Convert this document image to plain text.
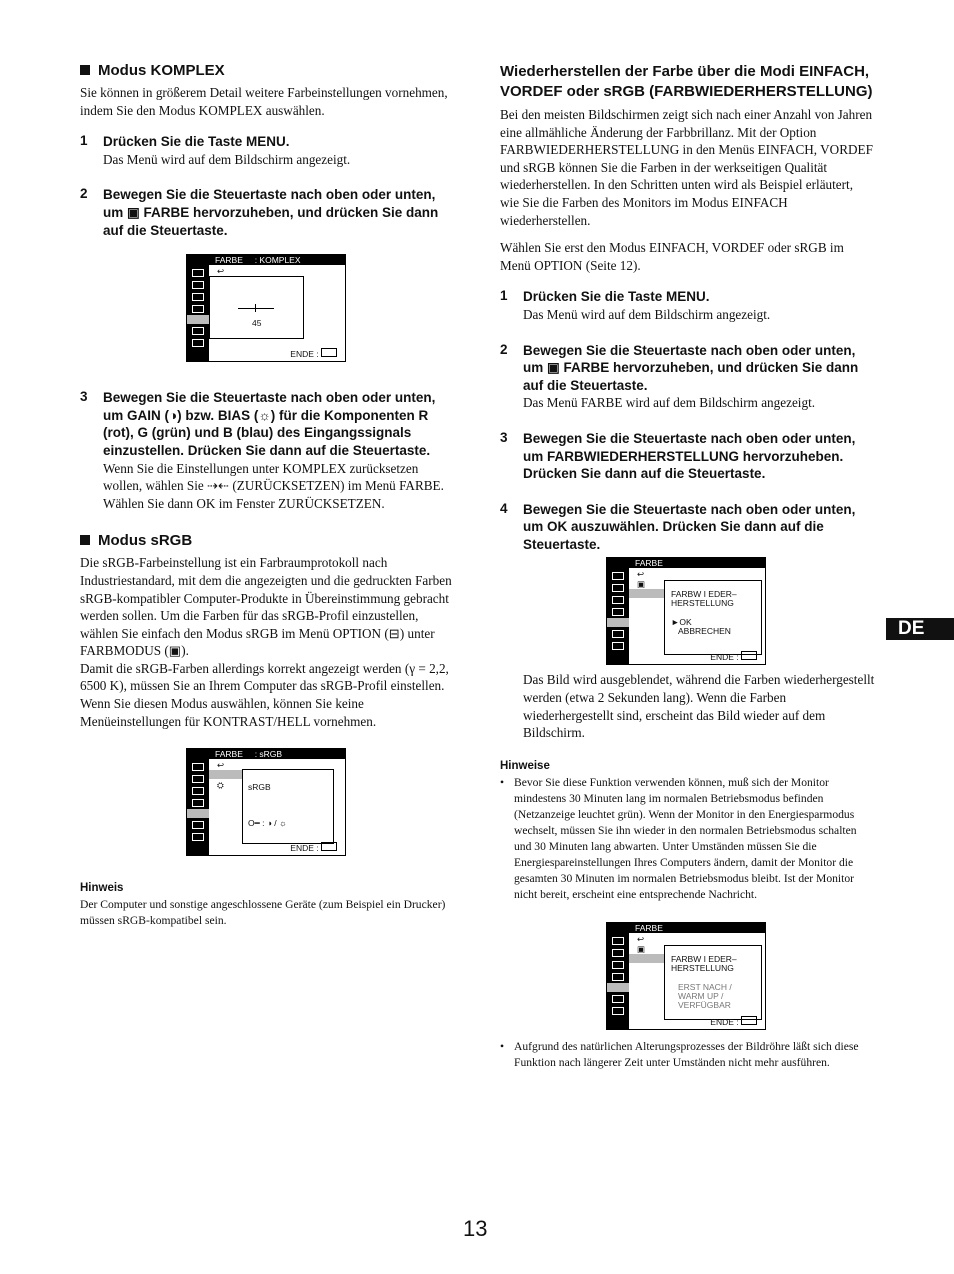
Modus KOMPLEX

Sie können in größerem Detail weitere Farbeinstellungen vornehmen, indem Sie den Modus KOMPLEX auswählen.

1 Drücken Sie die Taste MENU.
Das Menü wird auf dem Bildschirm angezeigt.
2 Bewegen Sie die Steuertaste nach oben oder unten, um ▣ FARBE hervorzuheben, und drücken Sie dann auf die Steuertaste.
FARBE : KOMPLEX
↩
45
ENDE :
3 Bewegen Sie die Steuertaste nach oben oder unten, um GAIN (◑) bzw. BIAS (☼) für die Komponenten R (rot), G (grün) und B (blau) des Eingangssignals einzustellen. Drücken Sie dann auf die Steuertaste.
Wenn Sie die Einstellungen unter KOMPLEX zurücksetzen wollen, wählen Sie ⇢⇠ (ZURÜCKSETZEN) im Menü FARBE. Wählen Sie dann OK im Fenster ZURÜCKSETZEN.
Modus sRGB

Die sRGB-Farbeinstellung ist ein Farbraumprotokoll nach Industriestandard, mit dem die angezeigten und die gedruckten Farben sRGB-kompatibler Computer-Produkte in Übereinstimmung gebracht werden sollen. Um die Farben für das sRGB-Profil einzustellen, wählen Sie einfach den Modus sRGB im Menü OPTION (⊟) unter FARBMODUS (▣).

Damit die sRGB-Farben allerdings korrekt angezeigt werden (γ = 2,2, 6500 K), müssen Sie an Ihrem Computer das sRGB-Profil einstellen. Wenn Sie diesen Modus auswählen, können Sie keine Menüeinstellungen für KONTRAST/HELL vornehmen.

FARBE : sRGB
↩
⛭	sRGB
O━ : ◑ / ☼
ENDE :
Hinweis
Der Computer und sonstige angeschlossene Geräte (zum Beispiel ein Drucker) müssen sRGB-kompatibel sein.
Wiederherstellen der Farbe über die Modi EINFACH, VORDEF oder sRGB (FARBWIEDERHERSTELLUNG)

Bei den meisten Bildschirmen zeigt sich nach einer Anzahl von Jahren eine allmähliche Änderung der Farbbrillanz. Mit der Option FARBWIEDERHERSTELLUNG in den Menüs EINFACH, VORDEF und sRGB können Sie die Farben in der werkseitigen Qualität wiederherstellen. In den Schritten unten wird als Beispiel erläutert, wie Sie die Farben des Monitors im Modus EINFACH wiederherstellen.

Wählen Sie erst den Modus EINFACH, VORDEF oder sRGB im Menü OPTION (Seite 12).

1 Drücken Sie die Taste MENU.
Das Menü wird auf dem Bildschirm angezeigt.
2 Bewegen Sie die Steuertaste nach oben oder unten, um ▣ FARBE hervorzuheben, und drücken Sie dann auf die Steuertaste.
Das Menü FARBE wird auf dem Bildschirm angezeigt.
3 Bewegen Sie die Steuertaste nach oben oder unten, um FARBWIEDERHERSTELLUNG hervorzuheben. Drücken Sie dann auf die Steuertaste.
4 Bewegen Sie die Steuertaste nach oben oder unten, um OK auszuwählen. Drücken Sie dann auf die Steuertaste.
FARBE
↩
▣
FARBW I EDER–
HERSTELLUNG
►OK
ABBRECHEN
ENDE :
Das Bild wird ausgeblendet, während die Farben wiederhergestellt werden (etwa 2 Sekunden lang). Wenn die Farben wiederhergestellt sind, erscheint das Bild wieder auf dem Bildschirm.
Hinweise
• Bevor Sie diese Funktion verwenden können, muß sich der Monitor mindestens 30 Minuten lang im normalen Betriebsmodus befinden (Netzanzeige leuchtet grün). Wenn der Monitor in den Energiesparmodus wechselt, müssen Sie ihn wieder in den normalen Betriebsmodus schalten und 30 Minuten lang abwarten. Unter Umständen müssen Sie die Energiespareinstellungen Ihres Computers ändern, damit der Monitor die gesamten 30 Minuten im normalen Betriebsmodus bleibt. Ist der Monitor nicht bereit, erscheint eine entsprechende Nachricht.
FARBE
↩
▣
FARBW I EDER–
HERSTELLUNG
ERST NACH /
WARM UP /
VERFÜGBAR
ENDE :
• Aufgrund des natürlichen Alterungsprozesses der Bildröhre läßt sich diese Funktion nach längerer Zeit unter Umständen nicht mehr ausführen.
DE
13
